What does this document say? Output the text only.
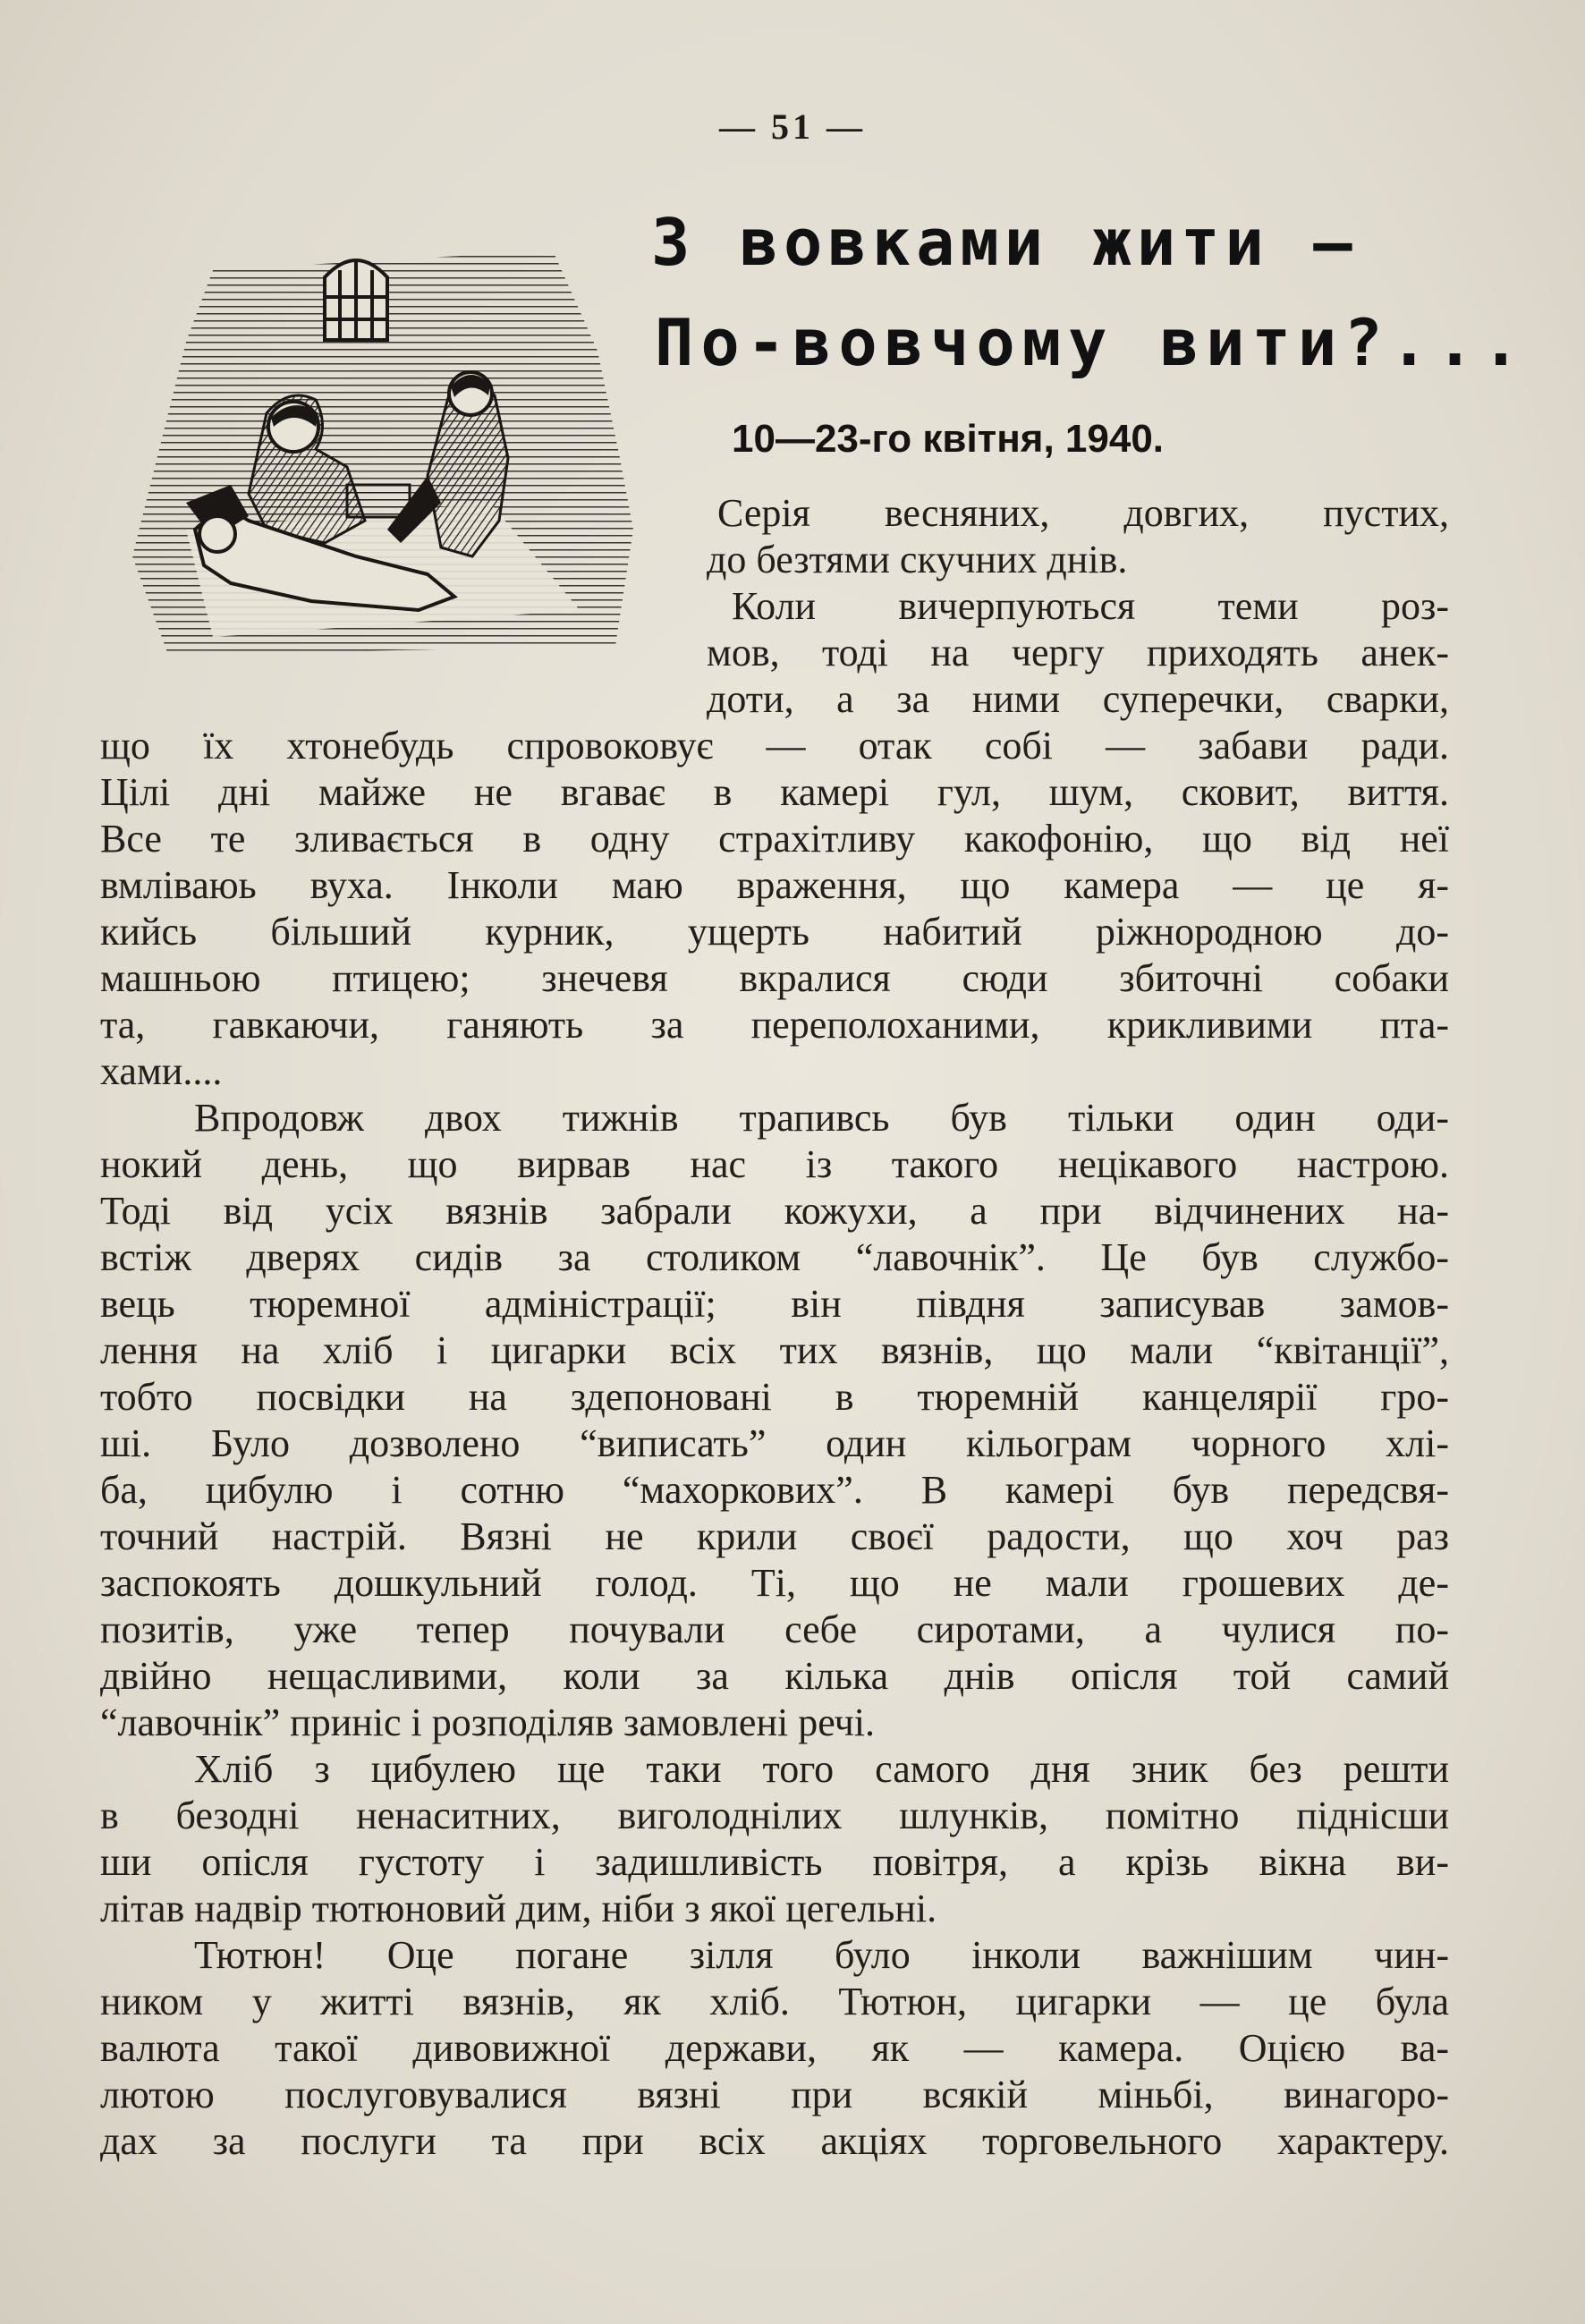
— 51 —
З вовками жити —
По-вовчому вити?...
10—23-го квітня, 1940.
Серія весняних, довгих, пустих,
до безтями скучних днів.
Коли вичерпуються теми роз-
мов, тоді на чергу приходять анек-
доти, а за ними суперечки, сварки,
що їх хтонебудь спровоковує — отак собі — забави ради.
Цілі дні майже не вгаває в камері гул, шум, сковит, виття.
Все те зливається в одну страхітливу какофонію, що від неї
вмліваюь вуха. Інколи маю враження, що камера — це я-
кийсь більший курник, ущерть набитий ріжнородною до-
машньою птицею; знечевя вкралися сюди збиточні собаки
та, гавкаючи, ганяють за переполоханими, крикливими пта-
хами....
Впродовж двох тижнів трапивсь був тільки один оди-
нокий день, що вирвав нас із такого нецікавого настрою.
Тоді від усіх вязнів забрали кожухи, а при відчинених на-
встіж дверях сидів за столиком “лавочнік”. Це був службо-
вець тюремної адміністрації; він півдня записував замов-
лення на хліб і цигарки всіх тих вязнів, що мали “квітанції”,
тобто посвідки на здепоновані в тюремній канцелярії гро-
ші. Було дозволено “виписать” один кільограм чорного хлі-
ба, цибулю і сотню “махоркових”. В камері був передсвя-
точний настрій. Вязні не крили своєї радости, що хоч раз
заспокоять дошкульний голод. Ті, що не мали грошевих де-
позитів, уже тепер почували себе сиротами, а чулися по-
двійно нещасливими, коли за кілька днів опісля той самий
“лавочнік” приніс і розподіляв замовлені речі.
Хліб з цибулею ще таки того самого дня зник без решти
в безодні ненаситних, виголоднілих шлунків, помітно піднісши
ши опісля густоту і задишливість повітря, а крізь вікна ви-
літав надвір тютюновий дим, ніби з якої цегельні.
Тютюн! Оце погане зілля було інколи важнішим чин-
ником у житті вязнів, як хліб. Тютюн, цигарки — це була
валюта такої дивовижної держави, як — камера. Оцією ва-
лютою послуговувалися вязні при всякій міньбі, винагоро-
дах за послуги та при всіх акціях торговельного характеру.
